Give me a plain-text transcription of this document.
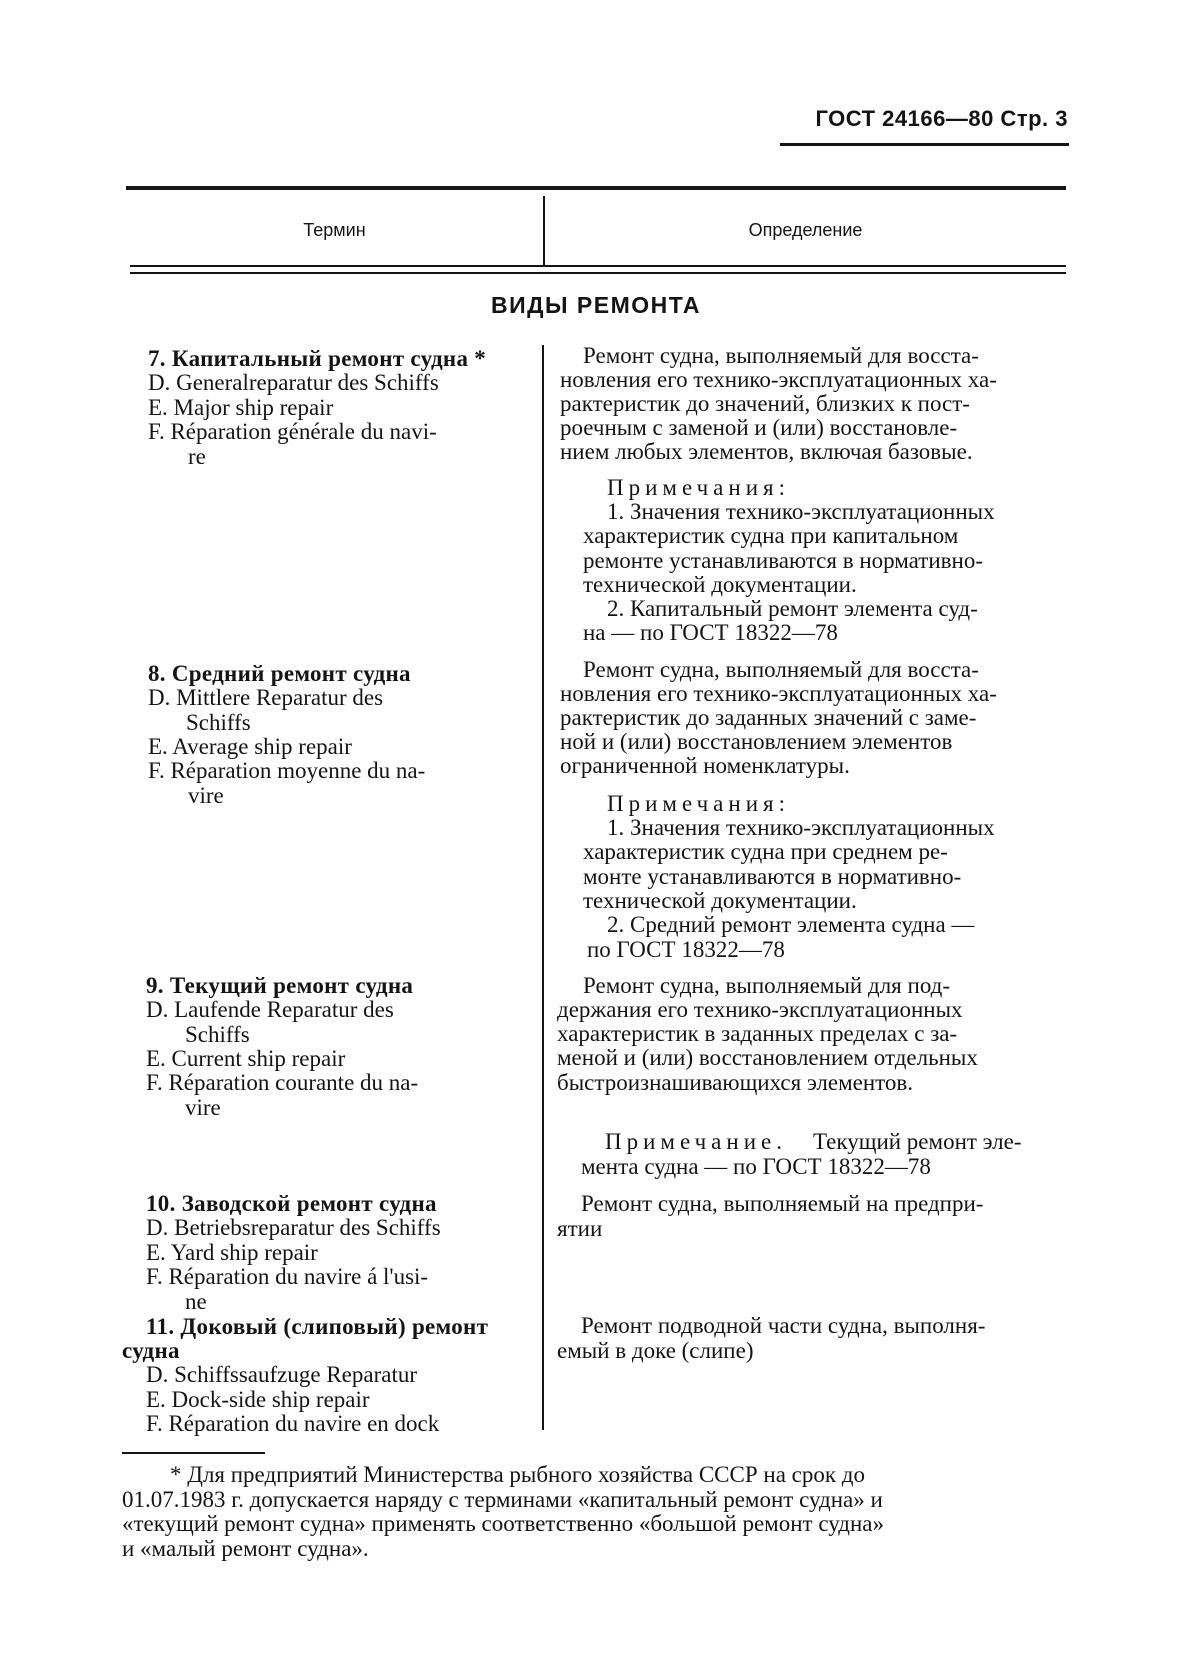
ГОСТ 24166—80 Стр. 3
Термин	Определение
ВИДЫ РЕМОНТА
7. Капитальный ремонт судна *
D. Generalreparatur des Schiffs
E. Major ship repair
F. Réparation générale du navi-
re
Ремонт судна, выполняемый для восста-
новления его технико-эксплуатационных ха-
рактеристик до значений, близких к пост-
роечным с заменой и (или) восстановле-
нием любых элементов, включая базовые.
Примечания:
1. Значения технико-эксплуатационных
характеристик судна при капитальном
ремонте устанавливаются в нормативно-
технической документации.
2. Капитальный ремонт элемента суд-
на — по ГОСТ 18322—78
8. Средний ремонт судна
D. Mittlere Reparatur des
Schiffs
E. Average ship repair
F. Réparation moyenne du na-
vire
Ремонт судна, выполняемый для восста-
новления его технико-эксплуатационных ха-
рактеристик до заданных значений с заме-
ной и (или) восстановлением элементов
ограниченной номенклатуры.
Примечания:
1. Значения технико-эксплуатационных
характеристик судна при среднем ре-
монте устанавливаются в нормативно-
технической документации.
2. Средний ремонт элемента судна —
по ГОСТ 18322—78
9. Текущий ремонт судна
D. Laufende Reparatur des
Schiffs
E. Current ship repair
F. Réparation courante du na-
vire
Ремонт судна, выполняемый для под-
держания его технико-эксплуатационных
характеристик в заданных пределах с за-
меной и (или) восстановлением отдельных
быстроизнашивающихся элементов.
Примечание. Текущий ремонт эле-
мента судна — по ГОСТ 18322—78
10. Заводской ремонт судна
D. Betriebsreparatur des Schiffs
E. Yard ship repair
F. Réparation du navire á l'usi-
ne
Ремонт судна, выполняемый на предпри-
ятии
11. Доковый (слиповый) ремонт
судна
D. Schiffssaufzuge Reparatur
E. Dock-side ship repair
F. Réparation du navire en dock
Ремонт подводной части судна, выполня-
емый в доке (слипе)
* Для предприятий Министерства рыбного хозяйства СССР на срок до
01.07.1983 г. допускается наряду с терминами «капитальный ремонт судна» и
«текущий ремонт судна» применять соответственно «большой ремонт судна»
и «малый ремонт судна».
